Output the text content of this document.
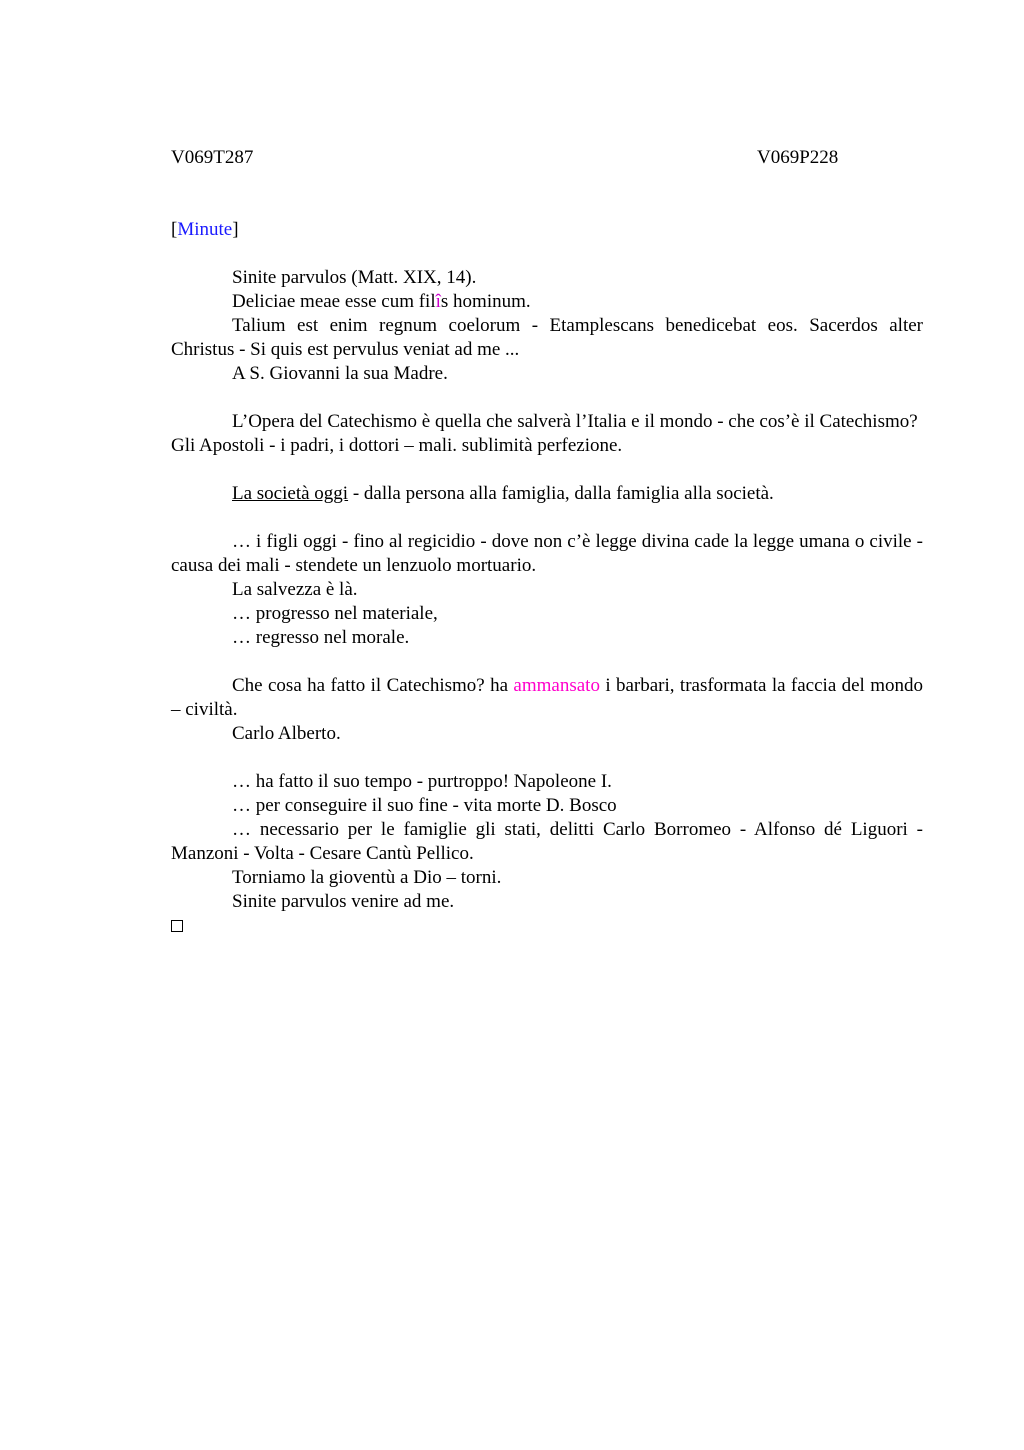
V069T287	V069P228
[Minute]

Sinite parvulos (Matt. XIX, 14).

Deliciae meae esse cum filîs hominum.

Talium est enim regnum coelorum - Etamplescans benedicebat eos. Sacerdos alter Christus - Si quis est pervulus veniat ad me ...

A S. Giovanni la sua Madre.

L’Opera del Catechismo è quella che salverà l’Italia e il mondo - che cos’è il Catechismo?

Gli Apostoli - i padri, i dottori – mali. sublimità perfezione.

La società oggi - dalla persona alla famiglia, dalla famiglia alla società.

… i figli oggi - fino al regicidio - dove non c’è legge divina cade la legge umana o civile - causa dei mali - stendete un lenzuolo mortuario.

La salvezza è là.

… progresso nel materiale,

… regresso nel morale.

Che cosa ha fatto il Catechismo? ha ammansato i barbari, trasformata la faccia del mondo – civiltà.

Carlo Alberto.

… ha fatto il suo tempo - purtroppo! Napoleone I.

… per conseguire il suo fine - vita morte D. Bosco

… necessario per le famiglie gli stati, delitti Carlo Borromeo - Alfonso dé Liguori - Manzoni - Volta - Cesare Cantù Pellico.

Torniamo la gioventù a Dio – torni.

Sinite parvulos venire ad me.
